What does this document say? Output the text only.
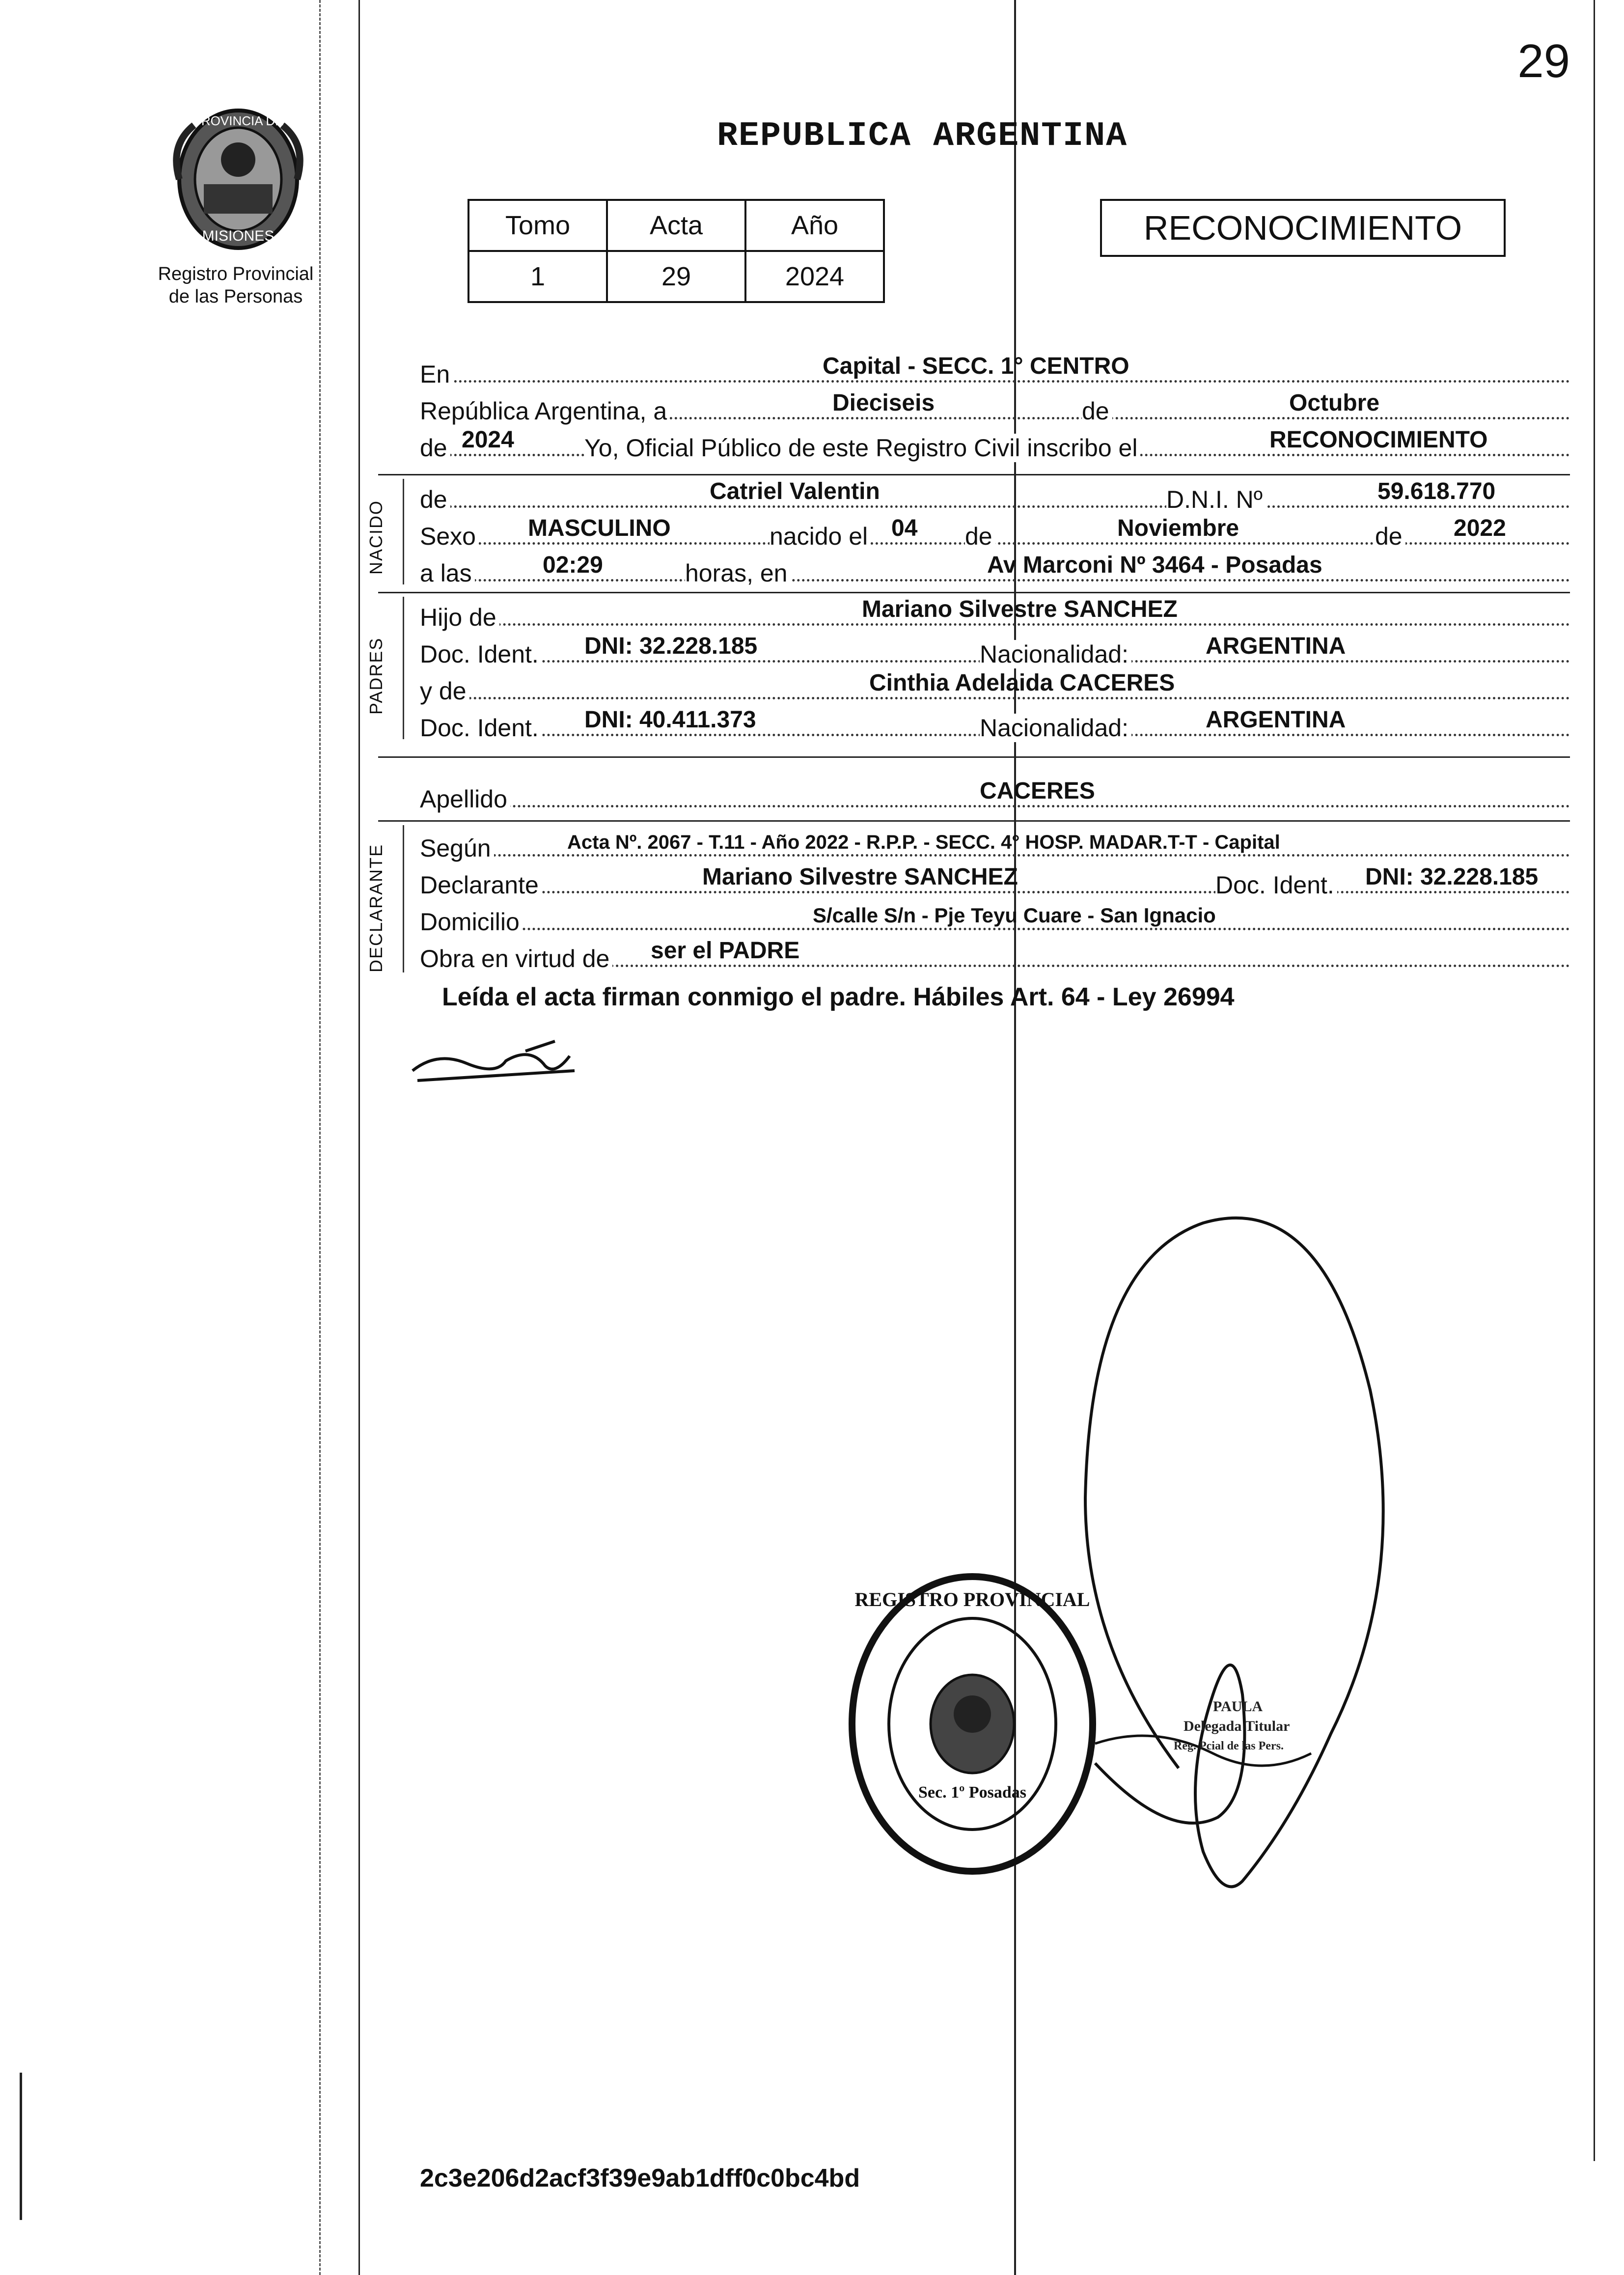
29
PROVINCIA DE
MISIONES
Registro Provincial
de las Personas
REPUBLICA ARGENTINA
Tomo	Acta	Año
1	29	2024
RECONOCIMIENTO
En	Capital - SECC. 1° CENTRO
República Argentina, a	Dieciseis	de	Octubre
de 2024	Yo, Oficial Público de este Registro Civil inscribo el	RECONOCIMIENTO
NACIDO
de	Catriel Valentin	D.N.I. Nº	59.618.770
Sexo MASCULINO	nacido el 04 de	Noviembre	de 2022
a las	02:29	horas, en	Av Marconi Nº 3464 - Posadas
PADRES
Hijo de	Mariano Silvestre SANCHEZ
Doc. Ident. DNI: 32.228.185	Nacionalidad:	ARGENTINA
y de	Cinthia Adelaida CACERES
Doc. Ident. DNI: 40.411.373	Nacionalidad:	ARGENTINA
Apellido	CACERES
DECLARANTE Según	Acta Nº. 2067 - T.11 - Año 2022 - R.P.P. - SECC. 4° HOSP. MADAR.T-T - Capital
Declarante	Mariano Silvestre SANCHEZ	Doc. Ident. DNI: 32.228.185
Domicilio	S/calle S/n - Pje Teyu Cuare - San Ignacio
Obra en virtud de ser el PADRE
Leída el acta firman conmigo el padre. Hábiles Art. 64 - Ley 26994
REGISTRO PROVINCIAL
Sec. 1º Posadas
PAULA
Delegada Titular
Reg. Pcial de las Pers.
2c3e206d2acf3f39e9ab1dff0c0bc4bd
